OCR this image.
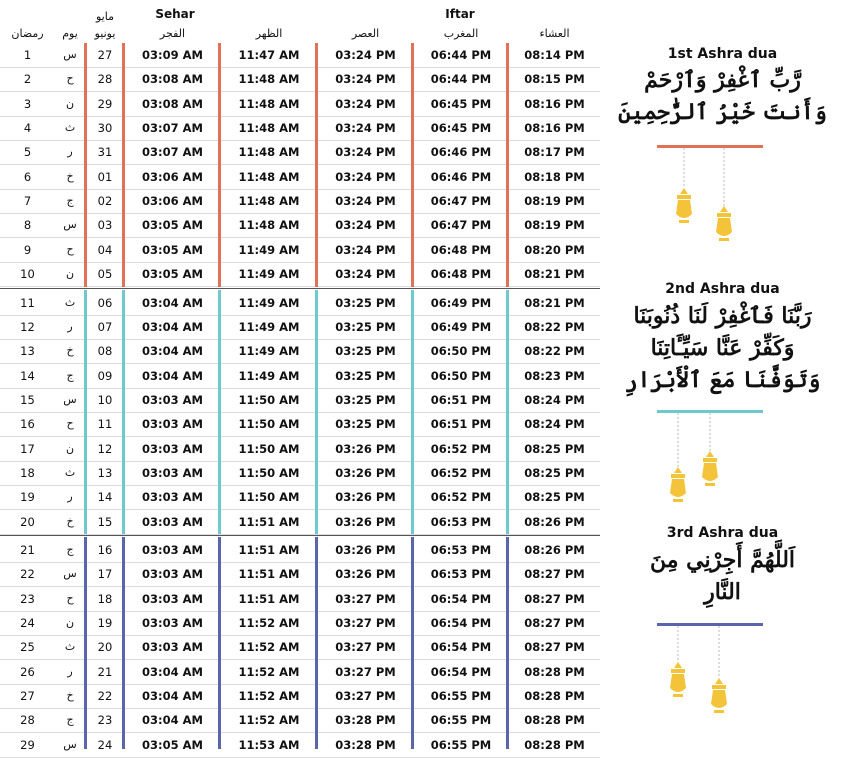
Sehar	Iftar
مايو
رمضان	يوم	يونيو	الفجر	الظهر	العصر	المغرب	العشاء
1	س	27	03:09 AM	11:47 AM	03:24 PM	06:44 PM	08:14 PM
2	ح	28	03:08 AM	11:48 AM	03:24 PM	06:44 PM	08:15 PM
3	ن	29	03:08 AM	11:48 AM	03:24 PM	06:45 PM	08:16 PM
4	ث	30	03:07 AM	11:48 AM	03:24 PM	06:45 PM	08:16 PM
5	ر	31	03:07 AM	11:48 AM	03:24 PM	06:46 PM	08:17 PM
6	خ	01	03:06 AM	11:48 AM	03:24 PM	06:46 PM	08:18 PM
7	ج	02	03:06 AM	11:48 AM	03:24 PM	06:47 PM	08:19 PM
8	س	03	03:05 AM	11:48 AM	03:24 PM	06:47 PM	08:19 PM
9	ح	04	03:05 AM	11:49 AM	03:24 PM	06:48 PM	08:20 PM
10	ن	05	03:05 AM	11:49 AM	03:24 PM	06:48 PM	08:21 PM
11	ث	06	03:04 AM	11:49 AM	03:25 PM	06:49 PM	08:21 PM
12	ر	07	03:04 AM	11:49 AM	03:25 PM	06:49 PM	08:22 PM
13	خ	08	03:04 AM	11:49 AM	03:25 PM	06:50 PM	08:22 PM
14	ج	09	03:04 AM	11:49 AM	03:25 PM	06:50 PM	08:23 PM
15	س	10	03:03 AM	11:50 AM	03:25 PM	06:51 PM	08:24 PM
16	ح	11	03:03 AM	11:50 AM	03:25 PM	06:51 PM	08:24 PM
17	ن	12	03:03 AM	11:50 AM	03:26 PM	06:52 PM	08:25 PM
18	ث	13	03:03 AM	11:50 AM	03:26 PM	06:52 PM	08:25 PM
19	ر	14	03:03 AM	11:50 AM	03:26 PM	06:52 PM	08:25 PM
20	خ	15	03:03 AM	11:51 AM	03:26 PM	06:53 PM	08:26 PM
21	ج	16	03:03 AM	11:51 AM	03:26 PM	06:53 PM	08:26 PM
22	س	17	03:03 AM	11:51 AM	03:26 PM	06:53 PM	08:27 PM
23	ح	18	03:03 AM	11:51 AM	03:27 PM	06:54 PM	08:27 PM
24	ن	19	03:03 AM	11:52 AM	03:27 PM	06:54 PM	08:27 PM
25	ث	20	03:03 AM	11:52 AM	03:27 PM	06:54 PM	08:27 PM
26	ر	21	03:04 AM	11:52 AM	03:27 PM	06:54 PM	08:28 PM
27	خ	22	03:04 AM	11:52 AM	03:27 PM	06:55 PM	08:28 PM
28	ج	23	03:04 AM	11:52 AM	03:28 PM	06:55 PM	08:28 PM
29	س	24	03:05 AM	11:53 AM	03:28 PM	06:55 PM	08:28 PM
1st Ashra dua
رَّبِّ ٱغْفِرْ وَٱرْحَمْ
وَأَنتَ خَيْرُ ٱلرَّٰحِمِينَ
2nd Ashra dua
رَبَّنَا فَٱغْفِرْ لَنَا ذُنُوبَنَا
وَكَفِّرْ عَنَّا سَيِّـَٔاتِنَا
وَتَوَفَّنَا مَعَ ٱلْأَبْرَارِ
3rd Ashra dua
اَللَّهُمَّ أَجِرْنِي مِنَ
النَّارِ
